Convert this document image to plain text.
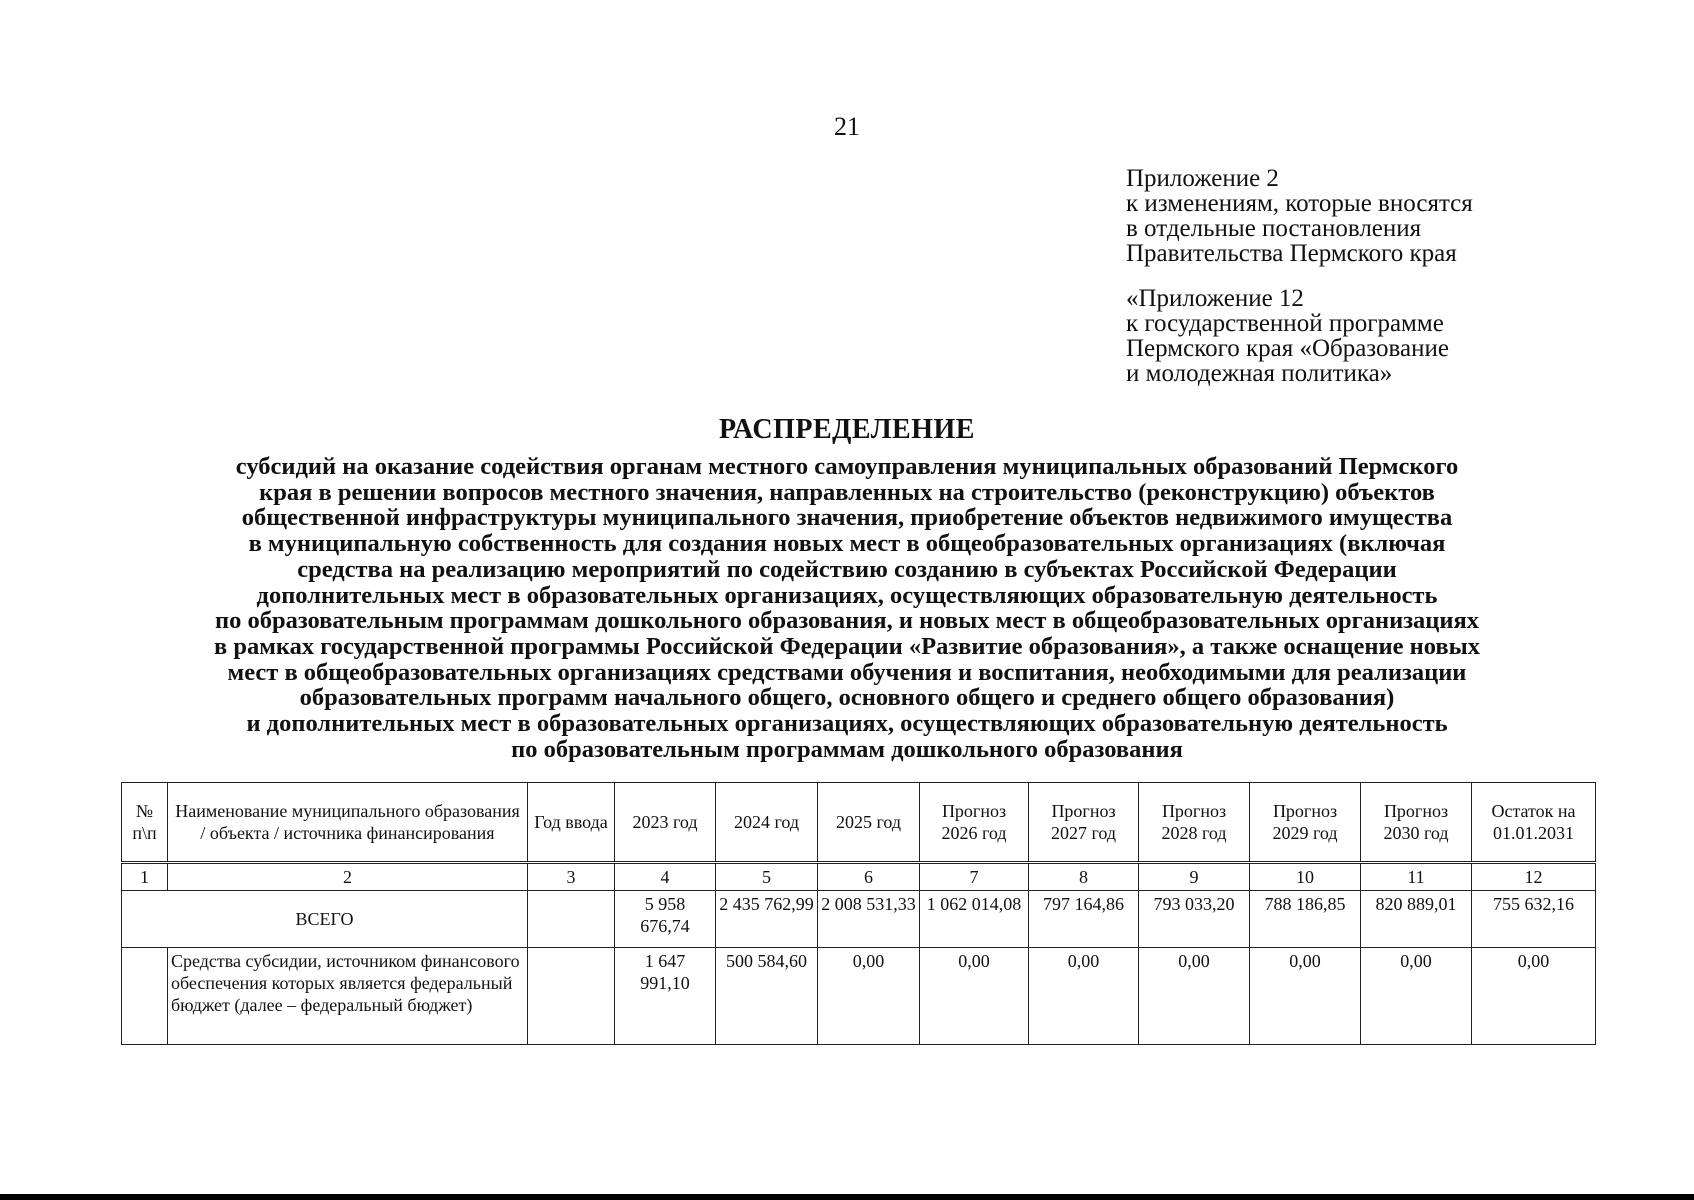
21
Приложение 2
к изменениям, которые вносятся
в отдельные постановления
Правительства Пермского края
«Приложение 12
к государственной программе
Пермского края «Образование
и молодежная политика»
РАСПРЕДЕЛЕНИЕ
субсидий на оказание содействия органам местного самоуправления муниципальных образований Пермского
края в решении вопросов местного значения, направленных на строительство (реконструкцию) объектов
общественной инфраструктуры муниципального значения, приобретение объектов недвижимого имущества
в муниципальную собственность для создания новых мест в общеобразовательных организациях (включая
средства на реализацию мероприятий по содействию созданию в субъектах Российской Федерации
дополнительных мест в образовательных организациях, осуществляющих образовательную деятельность
по образовательным программам дошкольного образования, и новых мест в общеобразовательных организациях
в рамках государственной программы Российской Федерации «Развитие образования», а также оснащение новых
мест в общеобразовательных организациях средствами обучения и воспитания, необходимыми для реализации
образовательных программ начального общего, основного общего и среднего общего образования)
и дополнительных мест в образовательных организациях, осуществляющих образовательную деятельность
по образовательным программам дошкольного образования
№ п\п	Наименование муниципального образования / объекта / источника финансирования	Год ввода	2023 год	2024 год	2025 год	Прогноз 2026 год	Прогноз 2027 год	Прогноз 2028 год	Прогноз 2029 год	Прогноз 2030 год	Остаток на 01.01.2031
1	2	3	4	5	6	7	8	9	10	11	12
ВСЕГО			5 958 676,74	2 435 762,99	2 008 531,33	1 062 014,08	797 164,86	793 033,20	788 186,85	820 889,01	755 632,16
	Средства субсидии, источником финансового обеспечения которых является федеральный бюджет (далее – федеральный бюджет)		1 647 991,10	500 584,60	0,00	0,00	0,00	0,00	0,00	0,00	0,00
